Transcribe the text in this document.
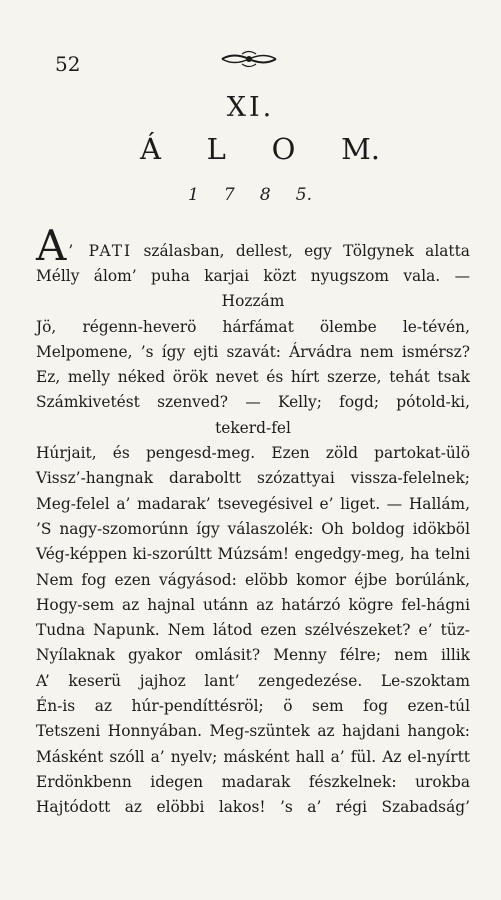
52
XI.
Á L O M.
1 7 8 5.
A ’ PATI szálasban, dellest, egy Tölgynek alatta
Mélly álom’ puha karjai közt nyugszom vala. —
Hozzám
Jö, régenn-heverö hárfámat ölembe le-tévén,
Melpomene, ’s így ejti szavát: Árvádra nem ismérsz?
Ez, melly néked örök nevet és hírt szerze, tehát tsak
Számkivetést szenved? — Kelly; fogd; pótold-ki,
tekerd-fel
Húrjait, és pengesd-meg. Ezen zöld partokat-ülö
Vissz’-hangnak daraboltt szózattyai vissza-felelnek;
Meg-felel a’ madarak’ tsevegésivel e’ liget. — Hallám,
’S nagy-szomorúnn így válaszolék: Oh boldog idökböl
Vég-képpen ki-szorúltt Múzsám! engedgy-meg, ha telni
Nem fog ezen vágyásod: elöbb komor éjbe borúlánk,
Hogy-sem az hajnal utánn az határzó kögre fel-hágni
Tudna Napunk. Nem látod ezen szélvészeket? e’ tüz-
Nyílaknak gyakor omlásit? Menny félre; nem illik
A’ keserü jajhoz lant’ zengedezése. Le-szoktam
Én-is az húr-pendíttésröl; ö sem fog ezen-túl
Tetszeni Honnyában. Meg-szüntek az hajdani hangok:
Másként szóll a’ nyelv; másként hall a’ fül. Az el-nyírtt
Erdönkbenn idegen madarak fészkelnek: urokba
Hajtódott az elöbbi lakos! ’s a’ régi Szabadság’
